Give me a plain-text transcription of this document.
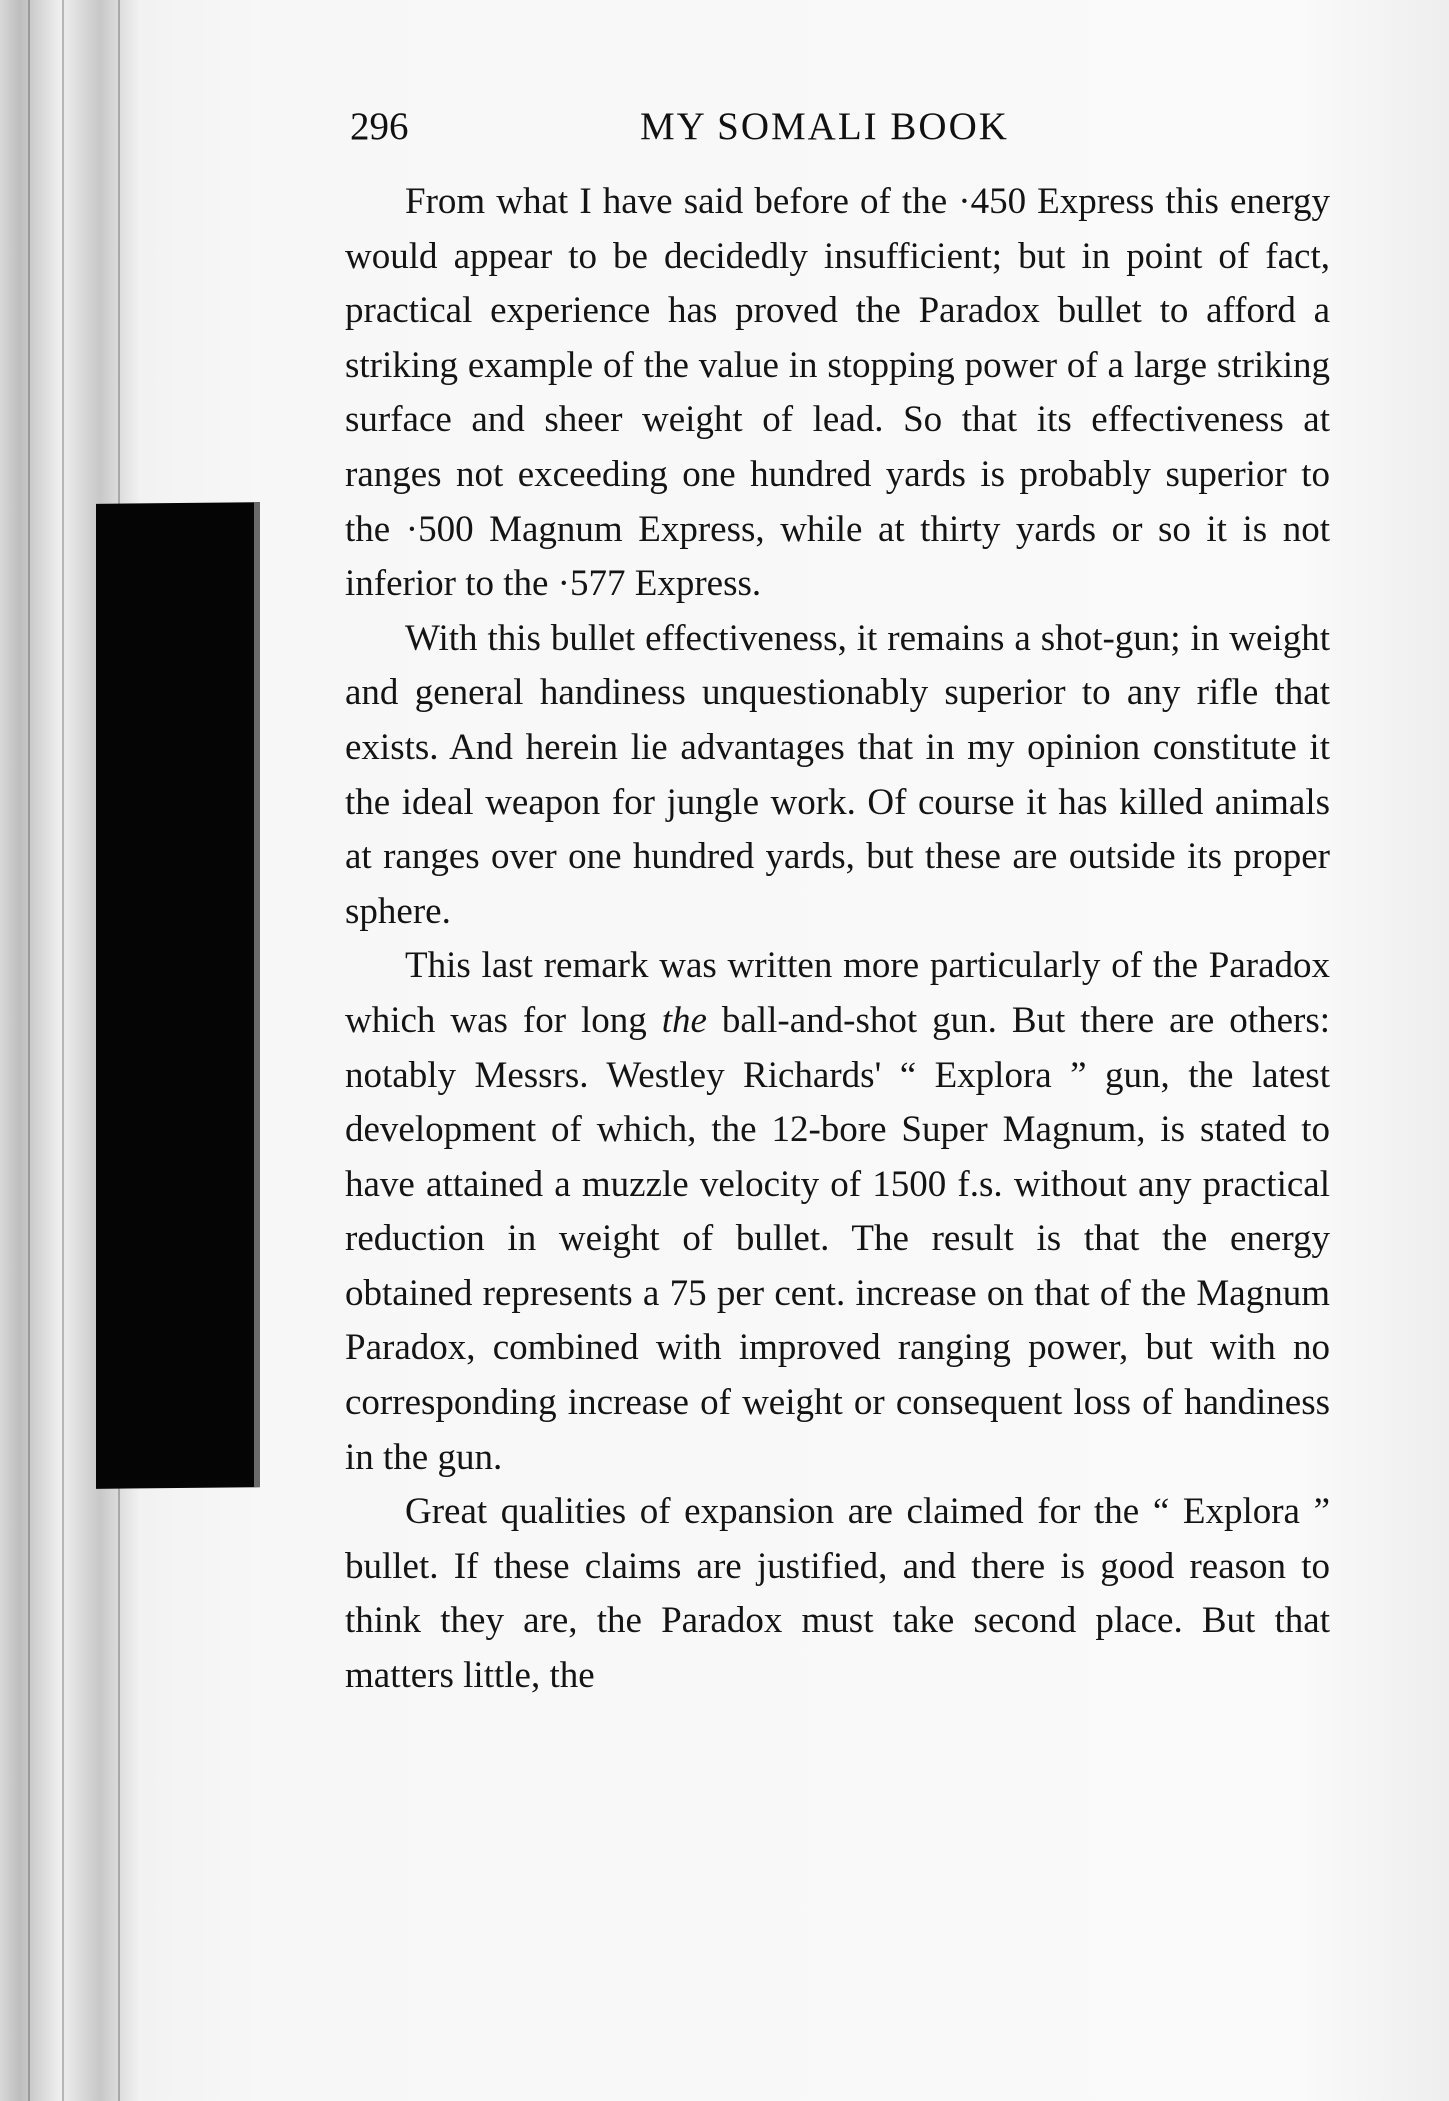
296	MY SOMALI BOOK

From what I have said before of the ·450 Express this energy would appear to be decidedly insufficient; but in point of fact, practical experience has proved the Paradox bullet to afford a striking example of the value in stopping power of a large striking surface and sheer weight of lead. So that its effectiveness at ranges not exceeding one hundred yards is probably superior to the ·500 Magnum Express, while at thirty yards or so it is not inferior to the ·577 Express.

With this bullet effectiveness, it remains a shot-gun; in weight and general handiness unquestionably superior to any rifle that exists. And herein lie advantages that in my opinion constitute it the ideal weapon for jungle work. Of course it has killed animals at ranges over one hundred yards, but these are outside its proper sphere.

This last remark was written more particularly of the Paradox which was for long the ball-and-shot gun. But there are others: notably Messrs. Westley Richards' “ Explora ” gun, the latest development of which, the 12-bore Super Magnum, is stated to have attained a muzzle velocity of 1500 f.s. without any practical reduction in weight of bullet. The result is that the energy obtained represents a 75 per cent. increase on that of the Magnum Paradox, combined with improved ranging power, but with no corresponding increase of weight or consequent loss of handiness in the gun.

Great qualities of expansion are claimed for the “ Explora ” bullet. If these claims are justified, and there is good reason to think they are, the Paradox must take second place. But that matters little, the
